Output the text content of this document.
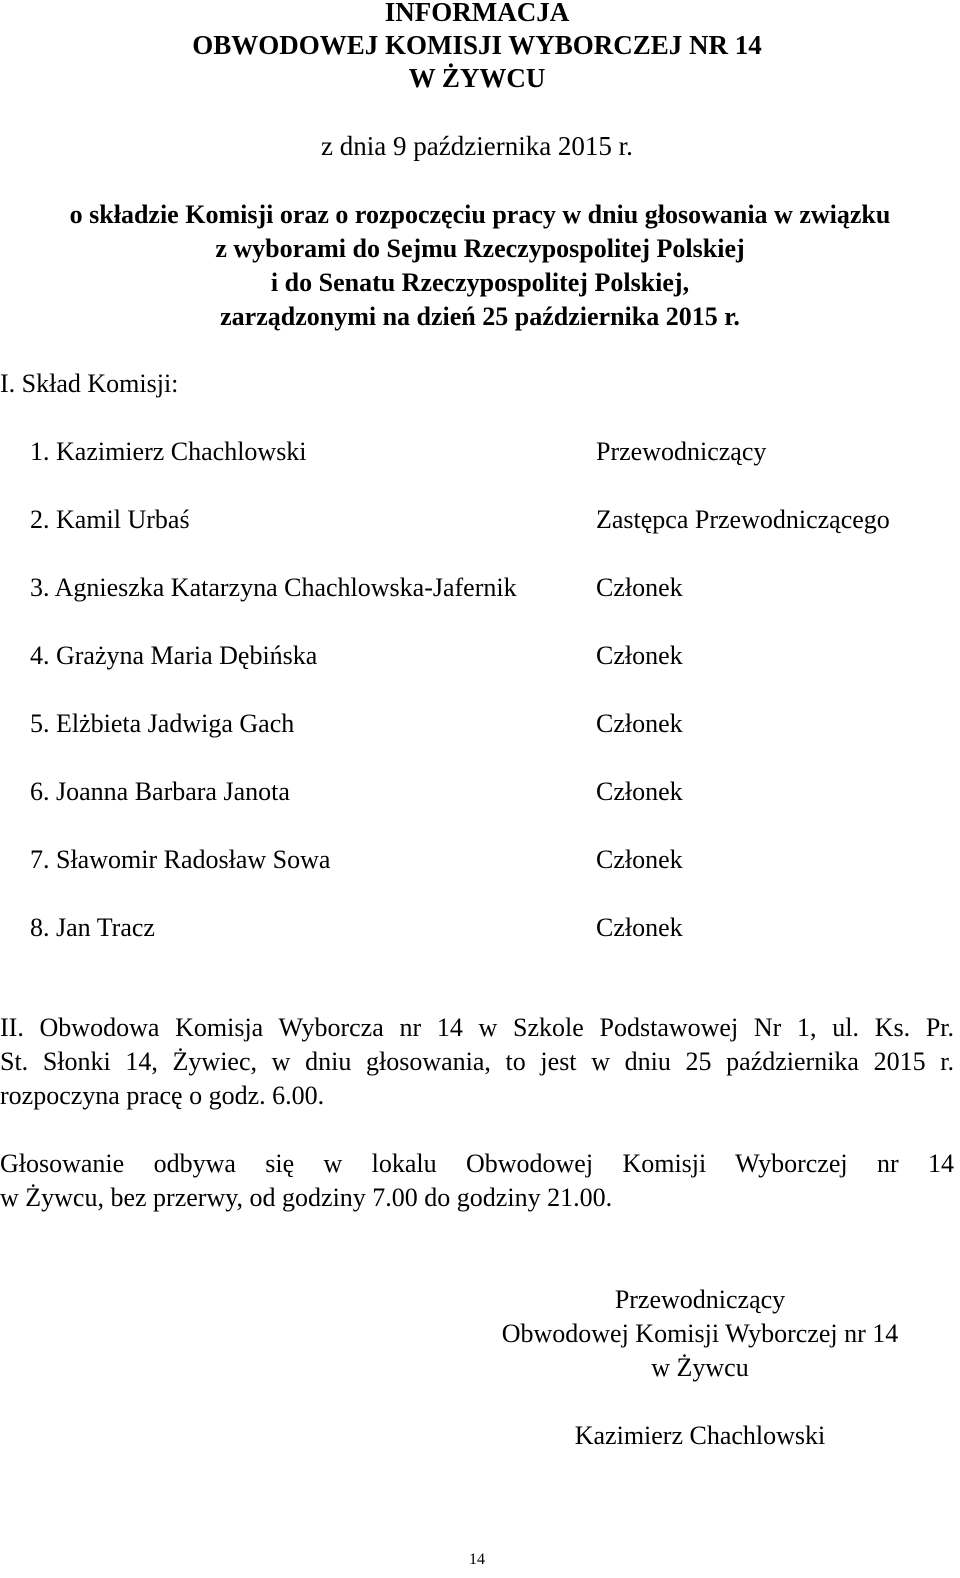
INFORMACJA
OBWODOWEJ KOMISJI WYBORCZEJ NR 14
W ŻYWCU
z dnia 9 października 2015 r.
o składzie Komisji oraz o rozpoczęciu pracy w dniu głosowania w związku
z wyborami do Sejmu Rzeczypospolitej Polskiej
i do Senatu Rzeczypospolitej Polskiej,
zarządzonymi na dzień 25 października 2015 r.
I. Skład Komisji:
1. Kazimierz Chachlowski	Przewodniczący
2. Kamil Urbaś	Zastępca Przewodniczącego
3. Agnieszka Katarzyna Chachlowska-Jafernik	Członek
4. Grażyna Maria Dębińska	Członek
5. Elżbieta Jadwiga Gach	Członek
6. Joanna Barbara Janota	Członek
7. Sławomir Radosław Sowa	Członek
8. Jan Tracz	Członek
II. Obwodowa Komisja Wyborcza nr 14 w Szkole Podstawowej Nr 1, ul. Ks. Pr.
St. Słonki 14, Żywiec, w dniu głosowania, to jest w dniu 25 października 2015 r.
rozpoczyna pracę o godz. 6.00.
Głosowanie odbywa się w lokalu Obwodowej Komisji Wyborczej nr 14
w Żywcu, bez przerwy, od godziny 7.00 do godziny 21.00.
Przewodniczący
Obwodowej Komisji Wyborczej nr 14
w Żywcu
Kazimierz Chachlowski
14
